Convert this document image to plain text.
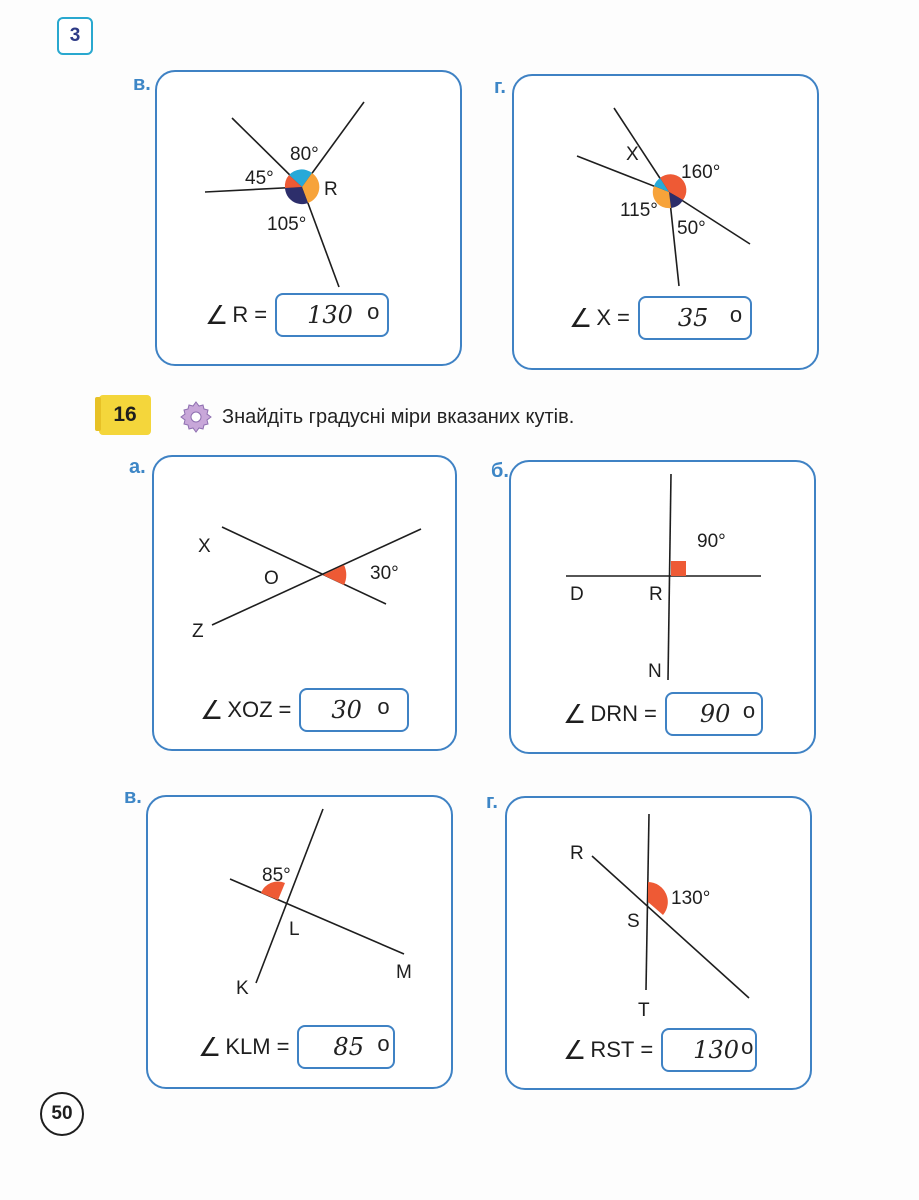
3
в.
80°
45°
105°
R
∠ R = 130 o
г.
X
160°
115°
50°
∠ X = 35 o
16	Знайдіть градусні міри вказаних кутів.
а.
X
O
Z
30°
∠ XOZ = 30 o
б.
90°
D	R
N
∠ DRN = 90 o
в.
85°
L
K
M
∠ KLM = 85 o
г.
R
130°
S
T
∠ RST = 130 o
50
